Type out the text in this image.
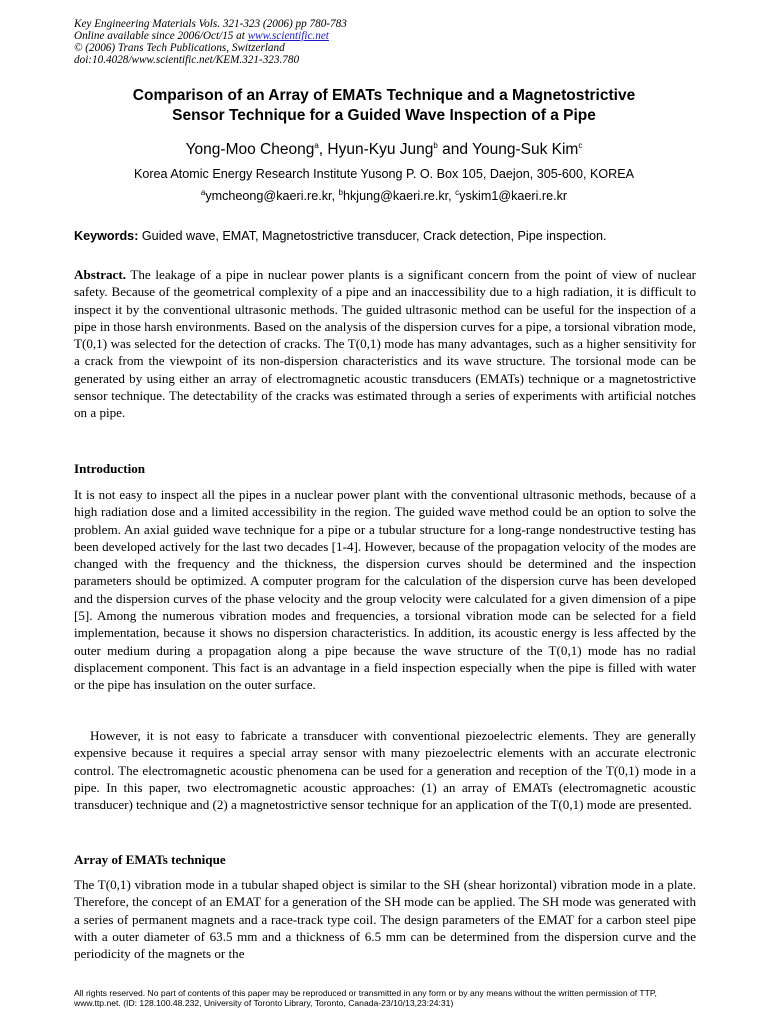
Key Engineering Materials Vols. 321-323 (2006) pp 780-783
Online available since 2006/Oct/15 at www.scientific.net
© (2006) Trans Tech Publications, Switzerland
doi:10.4028/www.scientific.net/KEM.321-323.780
Comparison of an Array of EMATs Technique and a Magnetostrictive
Sensor Technique for a Guided Wave Inspection of a Pipe
Yong-Moo Cheong$^a$, Hyun-Kyu Jung$^b$ and Young-Suk Kim$^c$
Korea Atomic Energy Research Institute Yusong P. O. Box 105, Daejon, 305-600, KOREA
$^a$ymcheong@kaeri.re.kr, $^b$hkjung@kaeri.re.kr, $^c$yskim1@kaeri.re.kr
Keywords: Guided wave, EMAT, Magnetostrictive transducer, Crack detection, Pipe inspection.
Abstract. The leakage of a pipe in nuclear power plants is a significant concern from the point of view of nuclear safety. Because of the geometrical complexity of a pipe and an inaccessibility due to a high radiation, it is difficult to inspect it by the conventional ultrasonic methods. The guided ultrasonic method can be useful for the inspection of a pipe in those harsh environments. Based on the analysis of the dispersion curves for a pipe, a torsional vibration mode, T(0,1) was selected for the detection of cracks. The T(0,1) mode has many advantages, such as a higher sensitivity for a crack from the viewpoint of its non-dispersion characteristics and its wave structure. The torsional mode can be generated by using either an array of electromagnetic acoustic transducers (EMATs) technique or a magnetostrictive sensor technique. The detectability of the cracks was estimated through a series of experiments with artificial notches on a pipe.
Introduction
It is not easy to inspect all the pipes in a nuclear power plant with the conventional ultrasonic methods, because of a high radiation dose and a limited accessibility in the region. The guided wave method could be an option to solve the problem. An axial guided wave technique for a pipe or a tubular structure for a long-range nondestructive testing has been developed actively for the last two decades [1-4]. However, because of the propagation velocity of the modes are changed with the frequency and the thickness, the dispersion curves should be determined and the inspection parameters should be optimized. A computer program for the calculation of the dispersion curve has been developed and the dispersion curves of the phase velocity and the group velocity were calculated for a given dimension of a pipe [5]. Among the numerous vibration modes and frequencies, a torsional vibration mode can be selected for a field implementation, because it shows no dispersion characteristics. In addition, its acoustic energy is less affected by the outer medium during a propagation along a pipe because the wave structure of the T(0,1) mode has no radial displacement component. This fact is an advantage in a field inspection especially when the pipe is filled with water or the pipe has insulation on the outer surface.
However, it is not easy to fabricate a transducer with conventional piezoelectric elements. They are generally expensive because it requires a special array sensor with many piezoelectric elements with an accurate electronic control. The electromagnetic acoustic phenomena can be used for a generation and reception of the T(0,1) mode in a pipe. In this paper, two electromagnetic acoustic approaches: (1) an array of EMATs (electromagnetic acoustic transducer) technique and (2) a magnetostrictive sensor technique for an application of the T(0,1) mode are presented.
Array of EMATs technique
The T(0,1) vibration mode in a tubular shaped object is similar to the SH (shear horizontal) vibration mode in a plate. Therefore, the concept of an EMAT for a generation of the SH mode can be applied. The SH mode was generated with a series of permanent magnets and a race-track type coil. The design parameters of the EMAT for a carbon steel pipe with a outer diameter of 63.5 mm and a thickness of 6.5 mm can be determined from the dispersion curve and the periodicity of the magnets or the
All rights reserved. No part of contents of this paper may be reproduced or transmitted in any form or by any means without the written permission of TTP,
www.ttp.net. (ID: 128.100.48.232, University of Toronto Library, Toronto, Canada-23/10/13,23:24:31)
